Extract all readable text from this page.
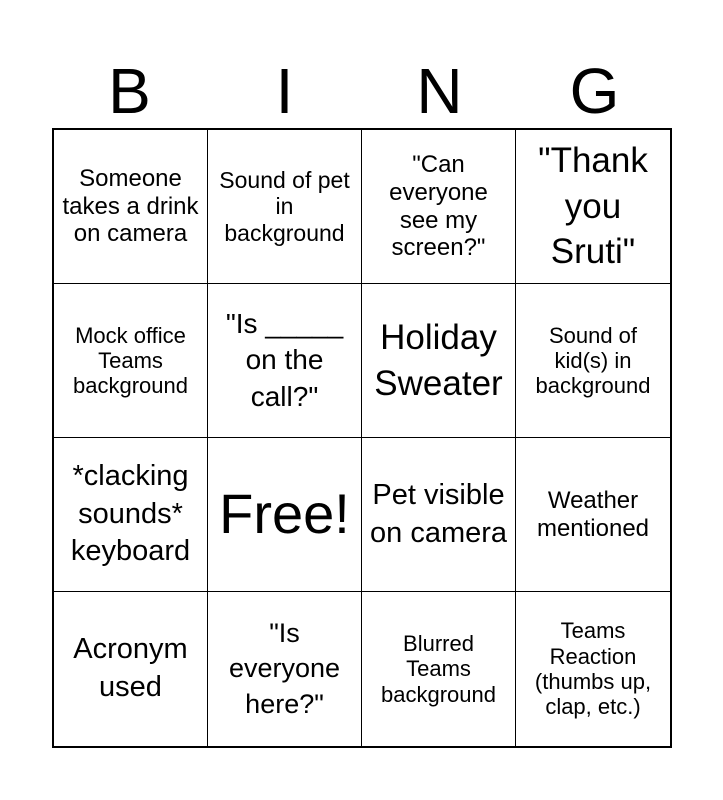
B	I	N	G
Someone takes a drink on camera
Sound of pet in background
"Can everyone see my screen?"
"Thank you Sruti"
Mock office Teams background
"Is _____ on the call?"
Holiday Sweater
Sound of kid(s) in background
*clacking sounds* keyboard
Free! Pet visible on camera
Weather mentioned
Acronym used
"Is everyone here?"
Blurred Teams background
Teams Reaction (thumbs up, clap, etc.)
